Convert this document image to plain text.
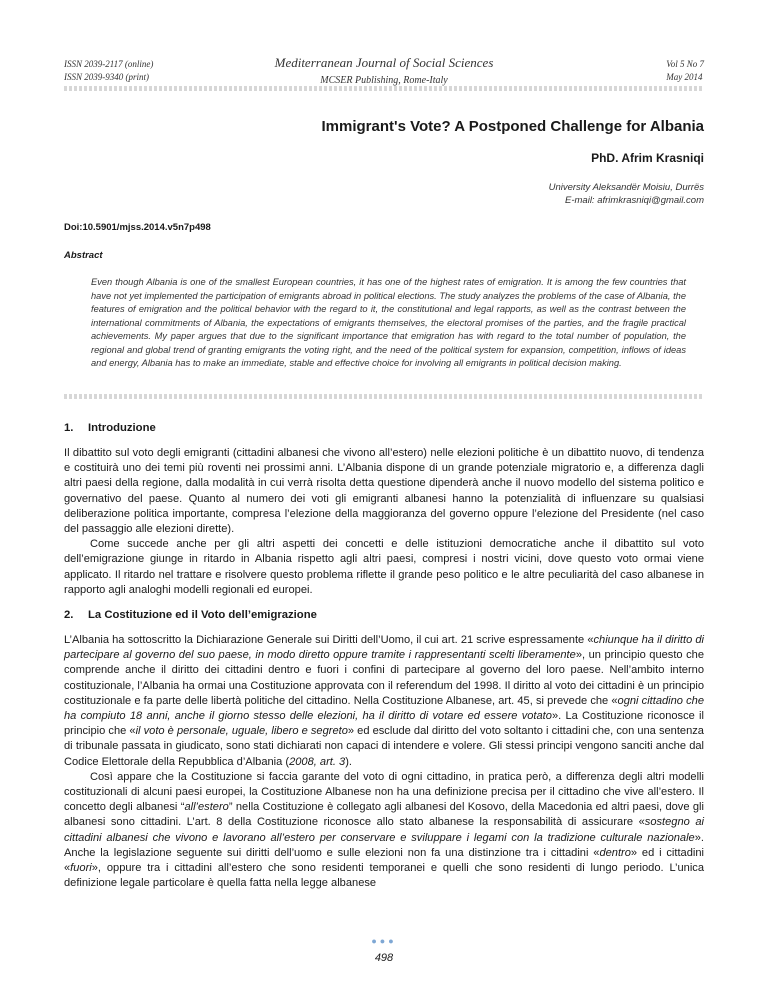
ISSN 2039-2117 (online)
ISSN 2039-9340 (print)
Mediterranean Journal of Social Sciences
MCSER Publishing, Rome-Italy
Vol 5 No 7
May 2014
Immigrant's Vote? A Postponed Challenge for Albania
PhD. Afrim Krasniqi
University Aleksandër Moisiu, Durrës
E-mail: afrimkrasniqi@gmail.com
Doi:10.5901/mjss.2014.v5n7p498
Abstract
Even though Albania is one of the smallest European countries, it has one of the highest rates of emigration. It is among the few countries that have not yet implemented the participation of emigrants abroad in political elections. The study analyzes the problems of the case of Albania, the features of emigration and the political behavior with the regard to it, the constitutional and legal rapports, as well as the contrast between the international commitments of Albania, the expectations of emigrants themselves, the electoral promises of the parties, and the fragile practical achievements. My paper argues that due to the significant importance that emigration has with regard to the total number of population, the regional and global trend of granting emigrants the voting right, and the need of the political system for expansion, competition, inflows of ideas and energy, Albania has to make an immediate, stable and effective choice for involving all emigrants in political decision making.
1. Introduzione

Il dibattito sul voto degli emigranti (cittadini albanesi che vivono all’estero) nelle elezioni politiche è un dibattito nuovo, di tendenza e costituirà uno dei temi più roventi nei prossimi anni. L’Albania dispone di un grande potenziale migratorio e, a differenza dagli altri paesi della regione, dalla modalità in cui verrà risolta detta questione dipenderà anche il nuovo modello del sistema politico e governativo del paese. Quanto al numero dei voti gli emigranti albanesi hanno la potenzialità di influenzare su qualsiasi deliberazione politica importante, compresa l’elezione della maggioranza del governo oppure l’elezione del Presidente (nel caso del passaggio alle elezioni dirette).

Come succede anche per gli altri aspetti dei concetti e delle istituzioni democratiche anche il dibattito sul voto dell’emigrazione giunge in ritardo in Albania rispetto agli altri paesi, compresi i nostri vicini, dove questo voto ormai viene applicato. Il ritardo nel trattare e risolvere questo problema riflette il grande peso politico e le altre peculiarità del caso albanese in rapporto agli analoghi modelli regionali ed europei.

2. La Costituzione ed il Voto dell’emigrazione

L’Albania ha sottoscritto la Dichiarazione Generale sui Diritti dell’Uomo, il cui art. 21 scrive espressamente «chiunque ha il diritto di partecipare al governo del suo paese, in modo diretto oppure tramite i rappresentanti scelti liberamente», un principio questo che comprende anche il diritto dei cittadini dentro e fuori i confini di partecipare al governo del loro paese. Nell’ambito interno costituzionale, l’Albania ha ormai una Costituzione approvata con il referendum del 1998. Il diritto al voto dei cittadini è un principio costituzionale e fa parte delle libertà politiche del cittadino. Nella Costituzione Albanese, art. 45, si prevede che «ogni cittadino che ha compiuto 18 anni, anche il giorno stesso delle elezioni, ha il diritto di votare ed essere votato». La Costituzione riconosce il principio che «il voto è personale, uguale, libero e segreto» ed esclude dal diritto del voto soltanto i cittadini che, con una sentenza di tribunale passata in giudicato, sono stati dichiarati non capaci di intendere e volere. Gli stessi principi vengono sanciti anche dal Codice Elettorale della Repubblica d’Albania (2008, art. 3).

Così appare che la Costituzione si faccia garante del voto di ogni cittadino, in pratica però, a differenza degli altri modelli costituzionali di alcuni paesi europei, la Costituzione Albanese non ha una definizione precisa per il cittadino che vive all’estero. Il concetto degli albanesi “all’estero” nella Costituzione è collegato agli albanesi del Kosovo, della Macedonia ed altri paesi, dove gli albanesi sono cittadini. L’art. 8 della Costituzione riconosce allo stato albanese la responsabilità di assicurare «sostegno ai cittadini albanesi che vivono e lavorano all’estero per conservare e sviluppare i legami con la tradizione culturale nazionale». Anche la legislazione seguente sui diritti dell’uomo e sulle elezioni non fa una distinzione tra i cittadini «dentro» ed i cittadini «fuori», oppure tra i cittadini all’estero che sono residenti temporanei e quelli che sono residenti di lungo periodo. L’unica definizione legale particolare è quella fatta nella legge albanese

●●●
498
